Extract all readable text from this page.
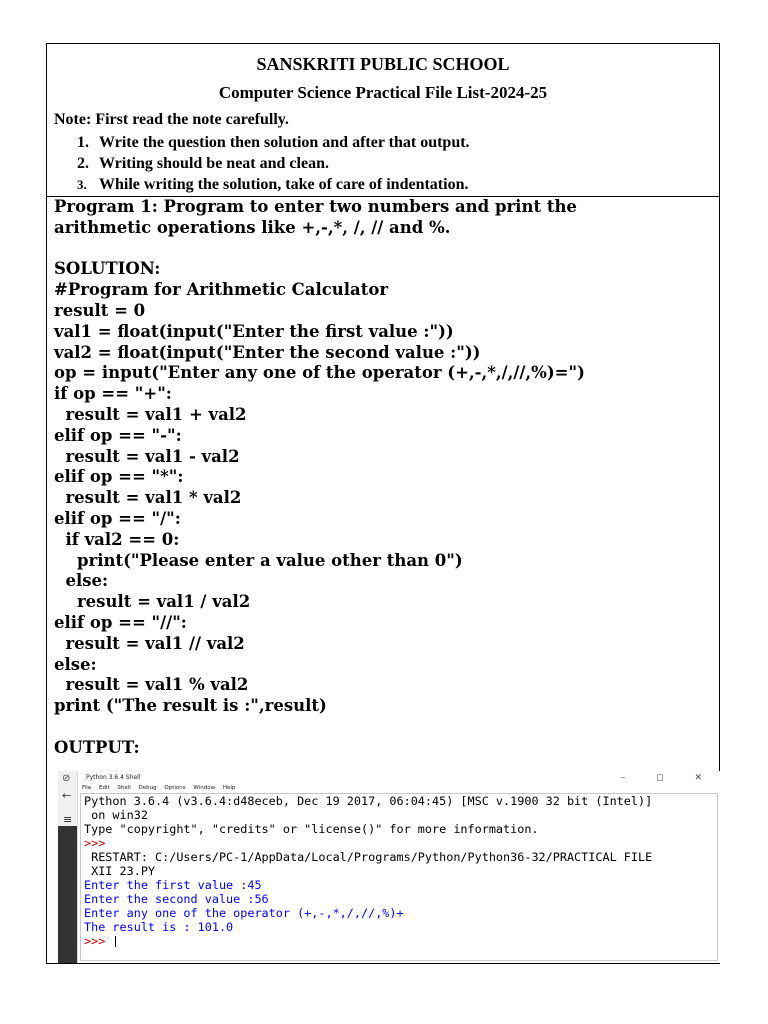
SANSKRITI PUBLIC SCHOOL
Computer Science Practical File List-2024-25
Note: First read the note carefully.
1. Write the question then solution and after that output.
2. Writing should be neat and clean.
3. While writing the solution, take of care of indentation.
Program 1: Program to enter two numbers and print the
arithmetic operations like +,-,*, /, // and %.
SOLUTION:
#Program for Arithmetic Calculator
result = 0
val1 = float(input("Enter the first value :"))
val2 = float(input("Enter the second value :"))
op = input("Enter any one of the operator (+,-,*,/,//,%)=")
if op == "+":
result = val1 + val2
elif op == "-":
result = val1 - val2
elif op == "*":
result = val1 * val2
elif op == "/":
if val2 == 0:
print("Please enter a value other than 0")
else:
result = val1 / val2
elif op == "//":
result = val1 // val2
else:
result = val1 % val2
print ("The result is :",result)
OUTPUT:
⊘
←
≡
Python 3.6.4 Shell	– ◻ ✕
File Edit Shell Debug Options Window Help
Python 3.6.4 (v3.6.4:d48eceb, Dec 19 2017, 06:04:45) [MSC v.1900 32 bit (Intel)]
on win32
Type "copyright", "credits" or "license()" for more information.
>>>
RESTART: C:/Users/PC-1/AppData/Local/Programs/Python/Python36-32/PRACTICAL FILE
XII 23.PY
Enter the first value :45
Enter the second value :56
Enter any one of the operator (+,-,*,/,//,%)+
The result is : 101.0
>>>
